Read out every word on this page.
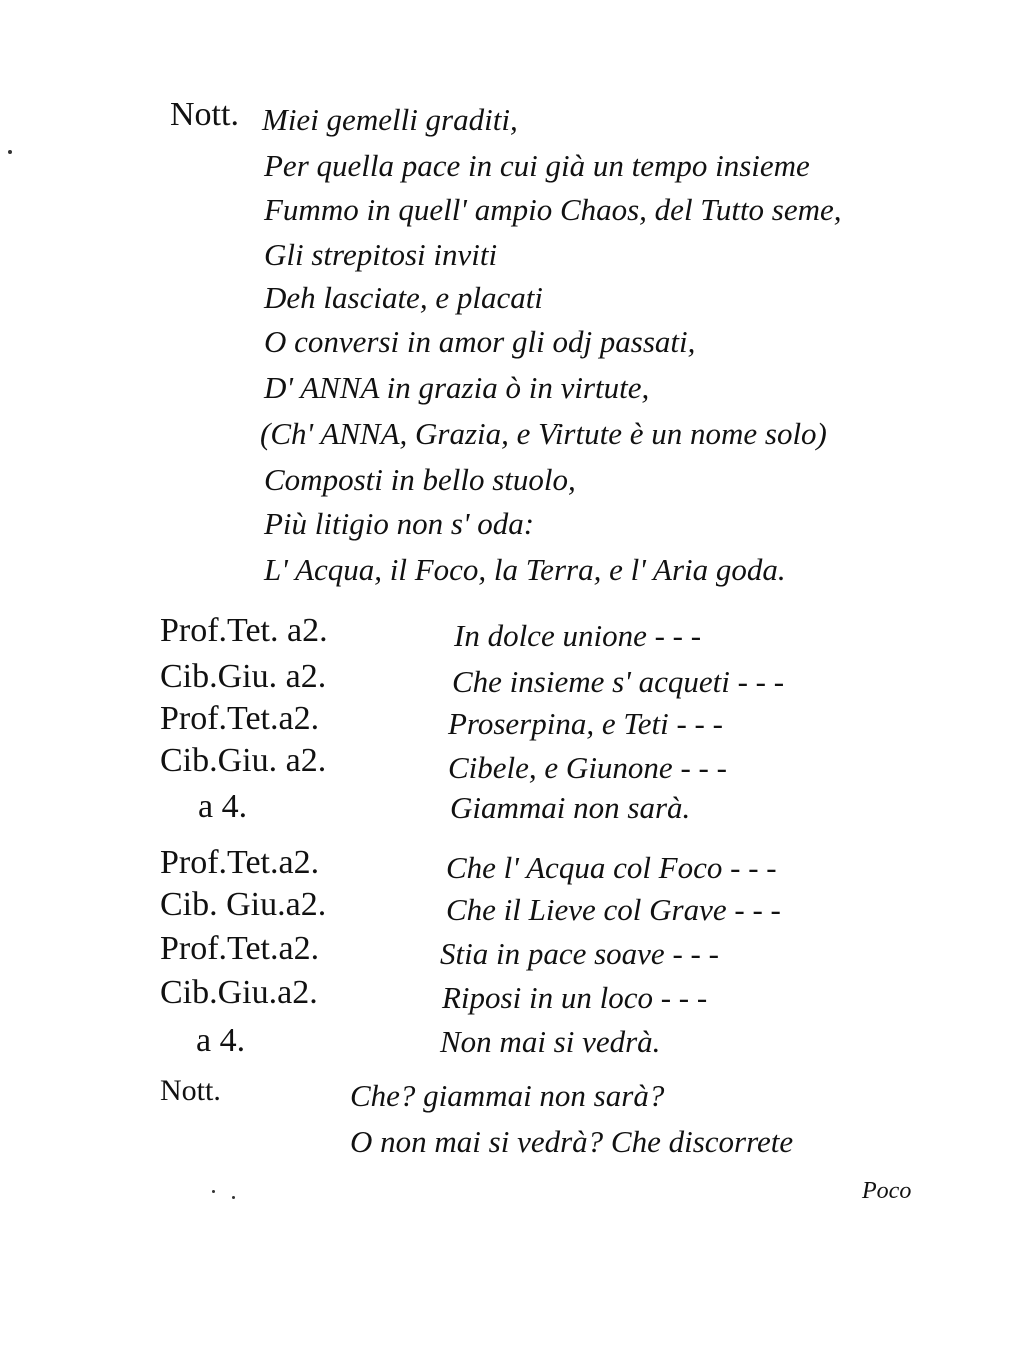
Nott. Miei gemelli graditi,
Per quella pace in cui già un tempo insieme
Fummo in quell' ampio Chaos, del Tutto seme,
Gli strepitosi inviti
Deh lasciate, e placati
O conversi in amor gli odj passati,
D' ANNA in grazia ò in virtute,
(Ch' ANNA, Grazia, e Virtute è un nome solo)
Composti in bello stuolo,
Più litigio non s' oda:
L' Acqua, il Foco, la Terra, e l' Aria goda.
Prof.Tet. a2.	In dolce unione - - -
Cib.Giu. a2.	Che insieme s' acqueti - - -
Prof.Tet.a2.	Proserpina, e Teti - - -
Cib.Giu. a2.	Cibele, e Giunone - - -
a 4.	Giammai non sarà.
Prof.Tet.a2.	Che l' Acqua col Foco - - -
Cib. Giu.a2.	Che il Lieve col Grave - - -
Prof.Tet.a2.	Stia in pace soave - - -
Cib.Giu.a2.	Riposi in un loco - - -
a 4.	Non mai si vedrà.
Nott.	Che? giammai non sarà?
O non mai si vedrà? Che discorrete
Poco
